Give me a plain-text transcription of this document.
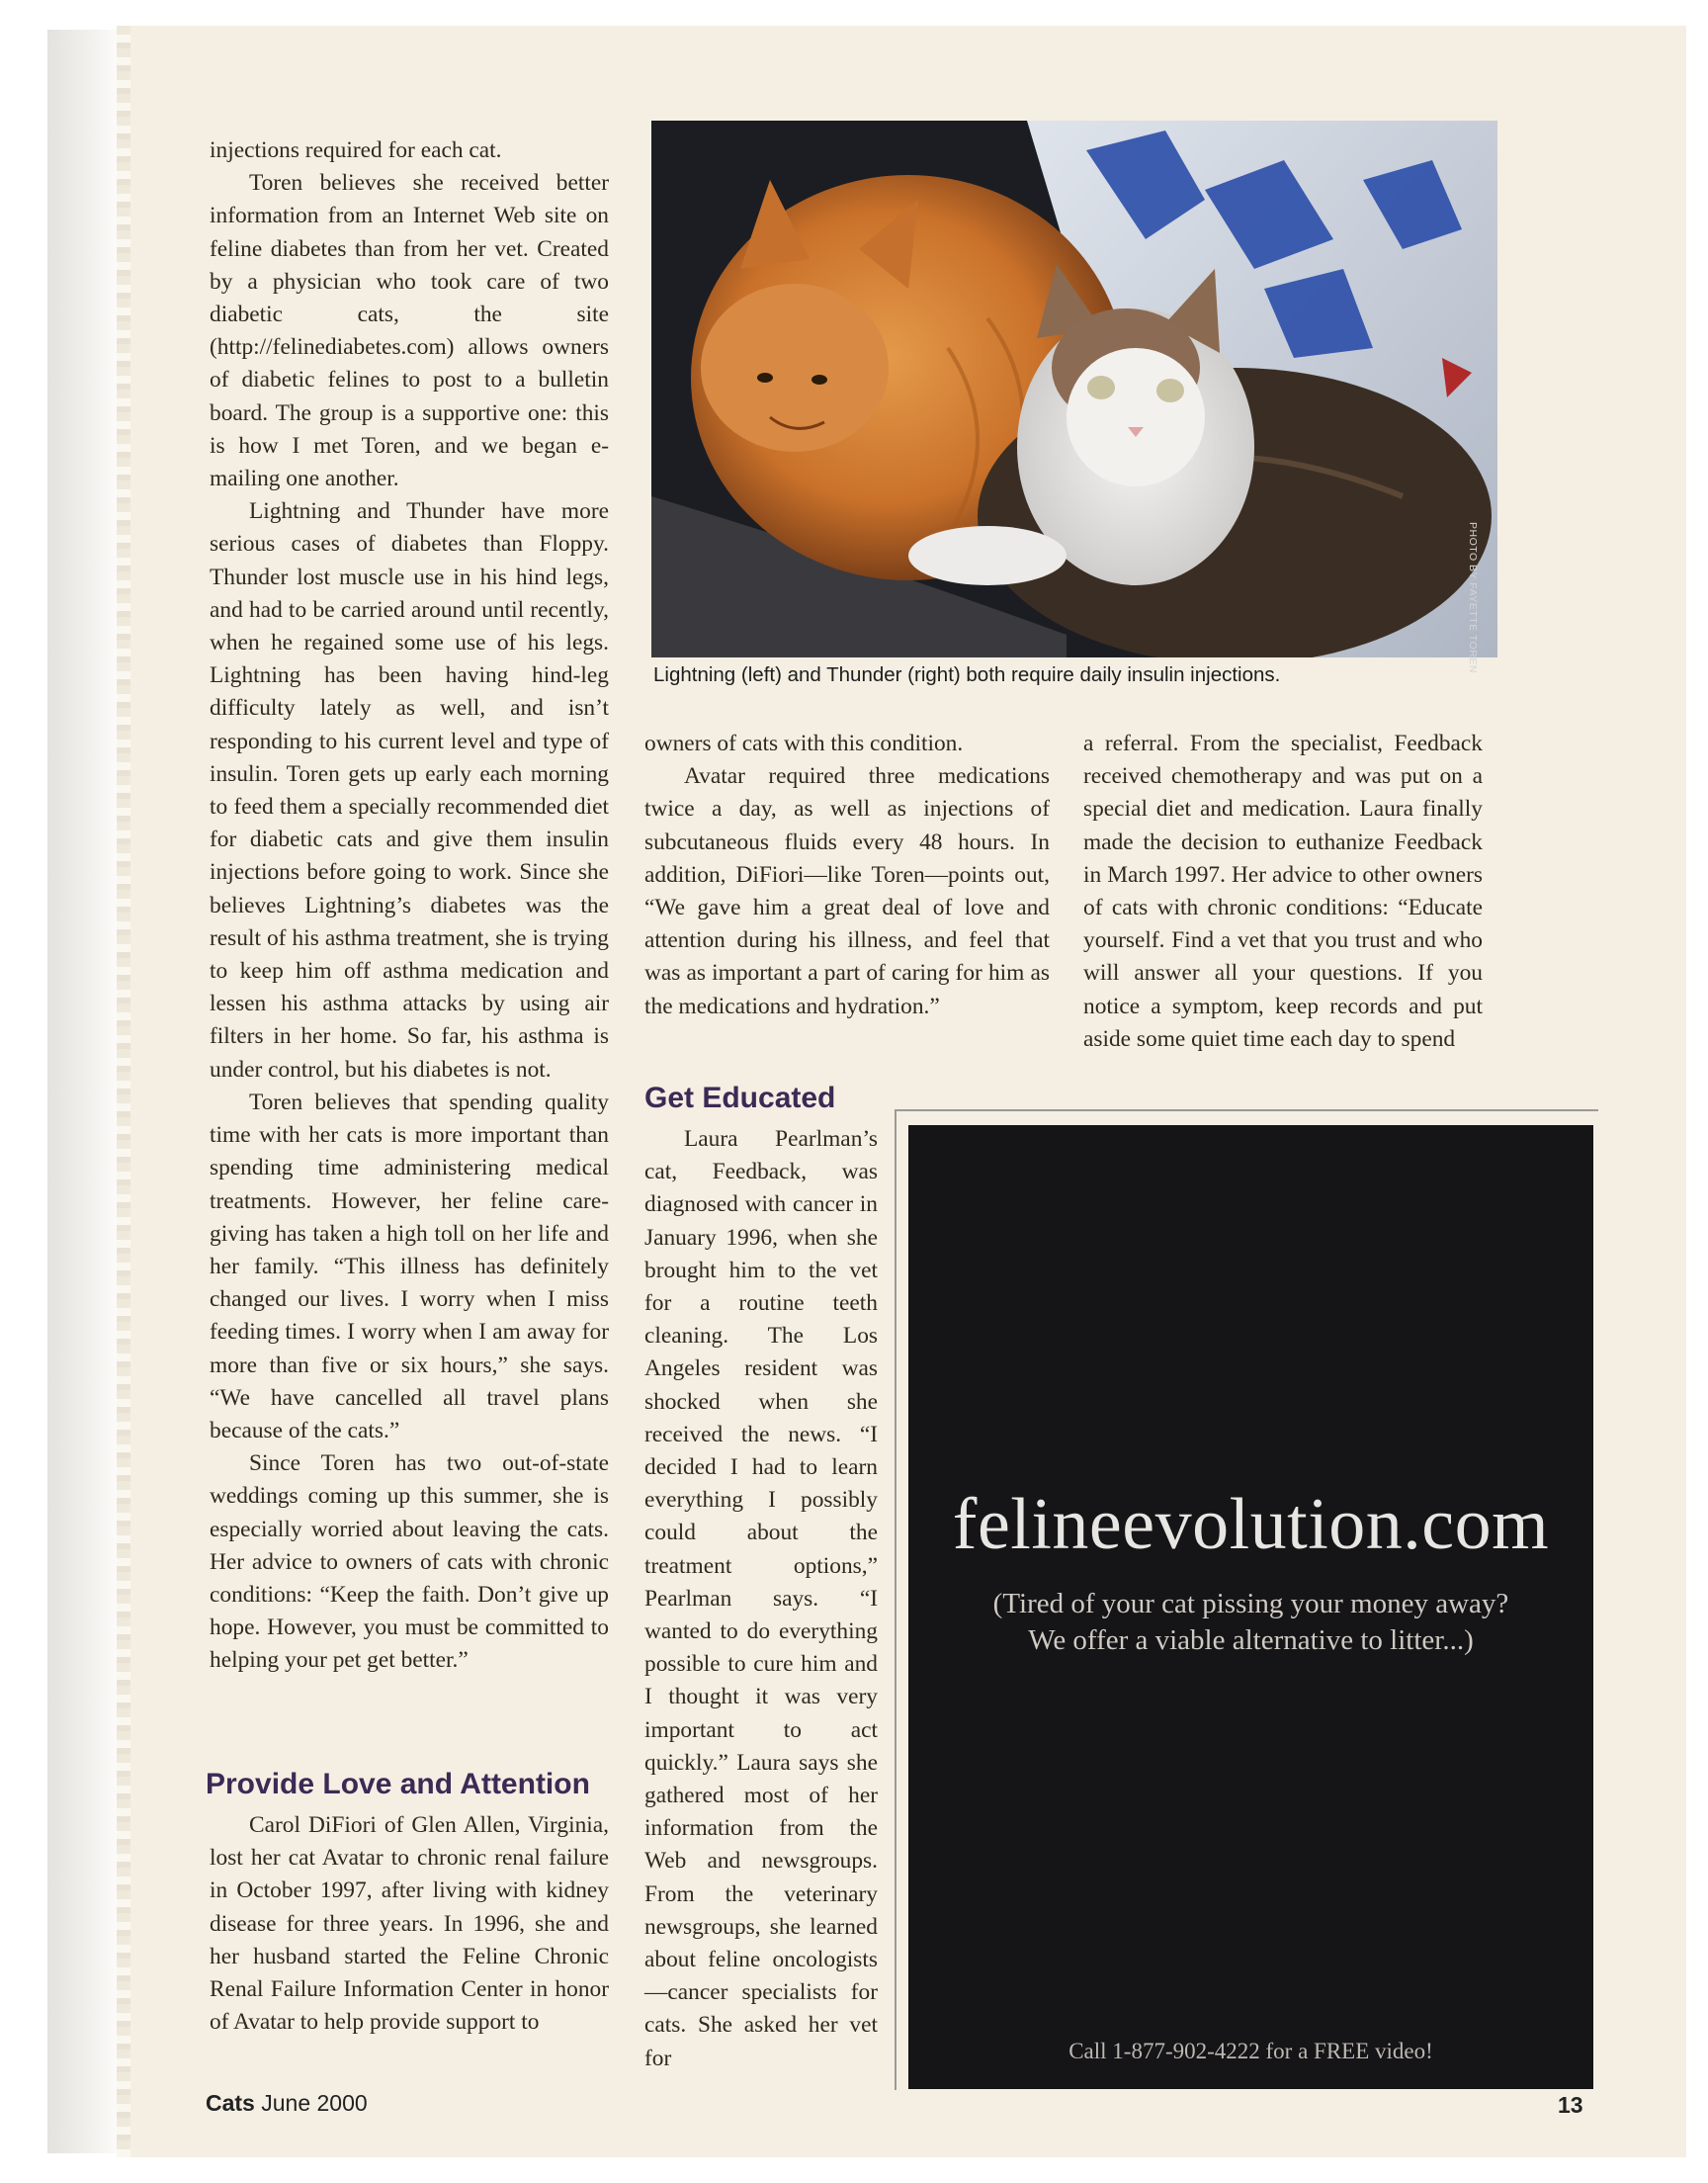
injections required for each cat.

Toren believes she received better information from an Internet Web site on feline diabetes than from her vet. Created by a physician who took care of two diabetic cats, the site (http://felinediabetes.com) allows owners of diabetic felines to post to a bulletin board. The group is a supportive one: this is how I met Toren, and we began e-mailing one another.

Lightning and Thunder have more serious cases of diabetes than Floppy. Thunder lost muscle use in his hind legs, and had to be carried around until recently, when he regained some use of his legs. Lightning has been having hind-leg difficulty lately as well, and isn’t responding to his current level and type of insulin. Toren gets up early each morning to feed them a specially recommended diet for diabetic cats and give them insulin injections before going to work. Since she believes Lightning’s diabetes was the result of his asthma treatment, she is trying to keep him off asthma medication and lessen his asthma attacks by using air filters in her home. So far, his asthma is under control, but his diabetes is not.

Toren believes that spending quality time with her cats is more important than spending time administering medical treatments. However, her feline care-giving has taken a high toll on her life and her family. “This illness has definitely changed our lives. I worry when I miss feeding times. I worry when I am away for more than five or six hours,” she says. “We have cancelled all travel plans because of the cats.”

Since Toren has two out-of-state weddings coming up this summer, she is especially worried about leaving the cats. Her advice to owners of cats with chronic conditions: “Keep the faith. Don’t give up hope. However, you must be committed to helping your pet get better.”

Provide Love and Attention

Carol DiFiori of Glen Allen, Virginia, lost her cat Avatar to chronic renal failure in October 1997, after living with kidney disease for three years. In 1996, she and her husband started the Feline Chronic Renal Failure Information Center in honor of Avatar to help provide support to

PHOTO BY FAYETTE TOREN
Lightning (left) and Thunder (right) both require daily insulin injections.

owners of cats with this condition.

Avatar required three medications twice a day, as well as injections of subcutaneous fluids every 48 hours. In addition, DiFiori—like Toren—points out, “We gave him a great deal of love and attention during his illness, and feel that was as important a part of caring for him as the medications and hydration.”

Get Educated

Laura Pearlman’s cat, Feedback, was diagnosed with cancer in January 1996, when she brought him to the vet for a routine teeth cleaning. The Los Angeles resident was shocked when she received the news. “I decided I had to learn everything I possibly could about the treatment options,” Pearlman says. “I wanted to do everything possible to cure him and I thought it was very important to act quickly.” Laura says she gathered most of her information from the Web and newsgroups. From the veterinary newsgroups, she learned about feline oncologists—cancer specialists for cats. She asked her vet for

a referral. From the specialist, Feedback received chemotherapy and was put on a special diet and medication. Laura finally made the decision to euthanize Feedback in March 1997. Her advice to other owners of cats with chronic conditions: “Educate yourself. Find a vet that you trust and who will answer all your questions. If you notice a symptom, keep records and put aside some quiet time each day to spend

felineevolution.com
(Tired of your cat pissing your money away?
We offer a viable alternative to litter...)
Call 1-877-902-4222 for a FREE video!
Cats June 2000	13
